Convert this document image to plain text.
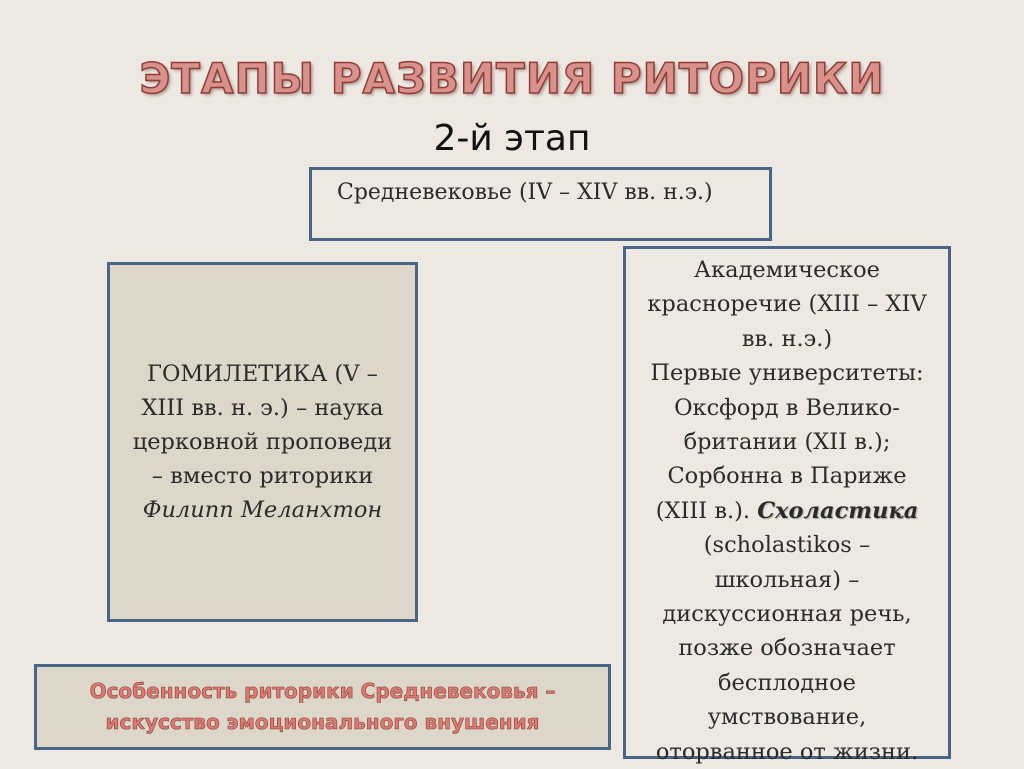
ЭТАПЫ РАЗВИТИЯ РИТОРИКИ
2-й этап
Средневековье (IV – XIV вв. н.э.)
ГОМИЛЕТИКА (V –
XIII вв. н. э.) – наука
церковной проповеди
– вместо риторики
Филипп Меланхтон
Академическое
красноречие (XIII – XIV
вв. н.э.)
Первые университеты:
Оксфорд в Велико-
британии (XII в.);
Сорбонна в Париже
(XIII в.). Схоластика
(scholastikos –
школьная) –
дискуссионная речь,
позже обозначает
бесплодное
умствование,
оторванное от жизни.
Особенность риторики Средневековья –
искусство эмоционального внушения
